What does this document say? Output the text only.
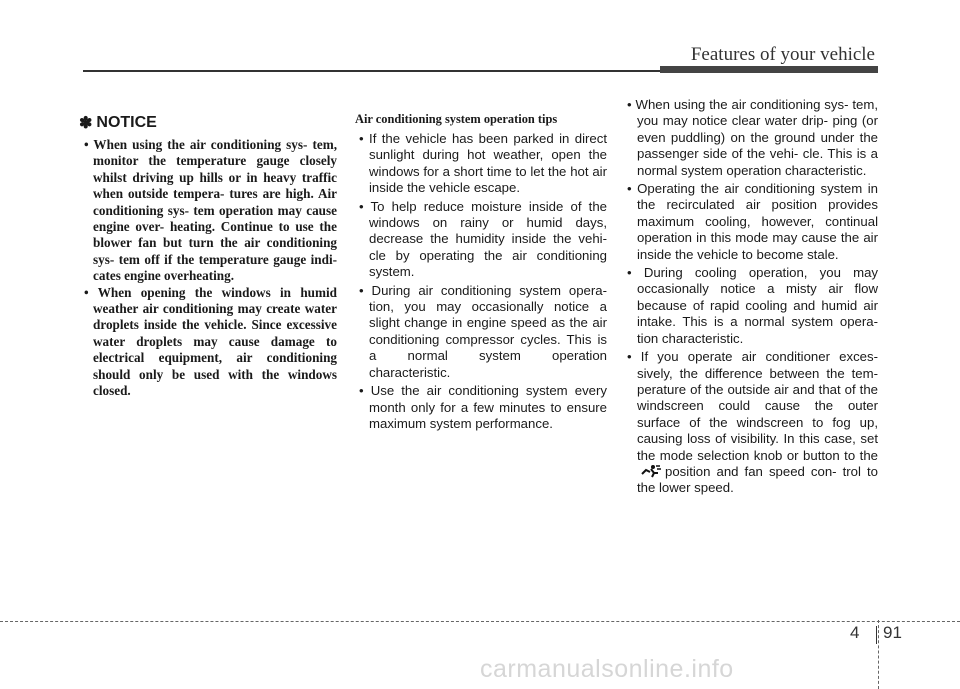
Features of your vehicle
✽ NOTICE
• When using the air conditioning sys- tem, monitor the temperature gauge closely whilst driving up hills or in heavy traffic when outside tempera- tures are high. Air conditioning sys- tem operation may cause engine over- heating. Continue to use the blower fan but turn the air conditioning sys- tem off if the temperature gauge indi- cates engine overheating.
• When opening the windows in humid weather air conditioning may create water droplets inside the vehicle. Since excessive water droplets may cause damage to electrical equipment, air conditioning should only be used with the windows closed.
Air conditioning system operation tips
• If the vehicle has been parked in direct sunlight during hot weather, open the windows for a short time to let the hot air inside the vehicle escape.
• To help reduce moisture inside of the windows on rainy or humid days, decrease the humidity inside the vehi- cle by operating the air conditioning system.
• During air conditioning system opera- tion, you may occasionally notice a slight change in engine speed as the air conditioning compressor cycles. This is a normal system operation characteristic.
• Use the air conditioning system every month only for a few minutes to ensure maximum system performance.
• When using the air conditioning sys- tem, you may notice clear water drip- ping (or even puddling) on the ground under the passenger side of the vehi- cle. This is a normal system operation characteristic.
• Operating the air conditioning system in the recirculated air position provides maximum cooling, however, continual operation in this mode may cause the air inside the vehicle to become stale.
• During cooling operation, you may occasionally notice a misty air flow because of rapid cooling and humid air intake. This is a normal system opera- tion characteristic.
• If you operate air conditioner exces- sively, the difference between the tem- perature of the outside air and that of the windscreen could cause the outer surface of the windscreen to fog up, causing loss of visibility. In this case, set the mode selection knob or button to theposition and fan speed con- trol to the lower speed.
4 91
carmanualsonline.info
